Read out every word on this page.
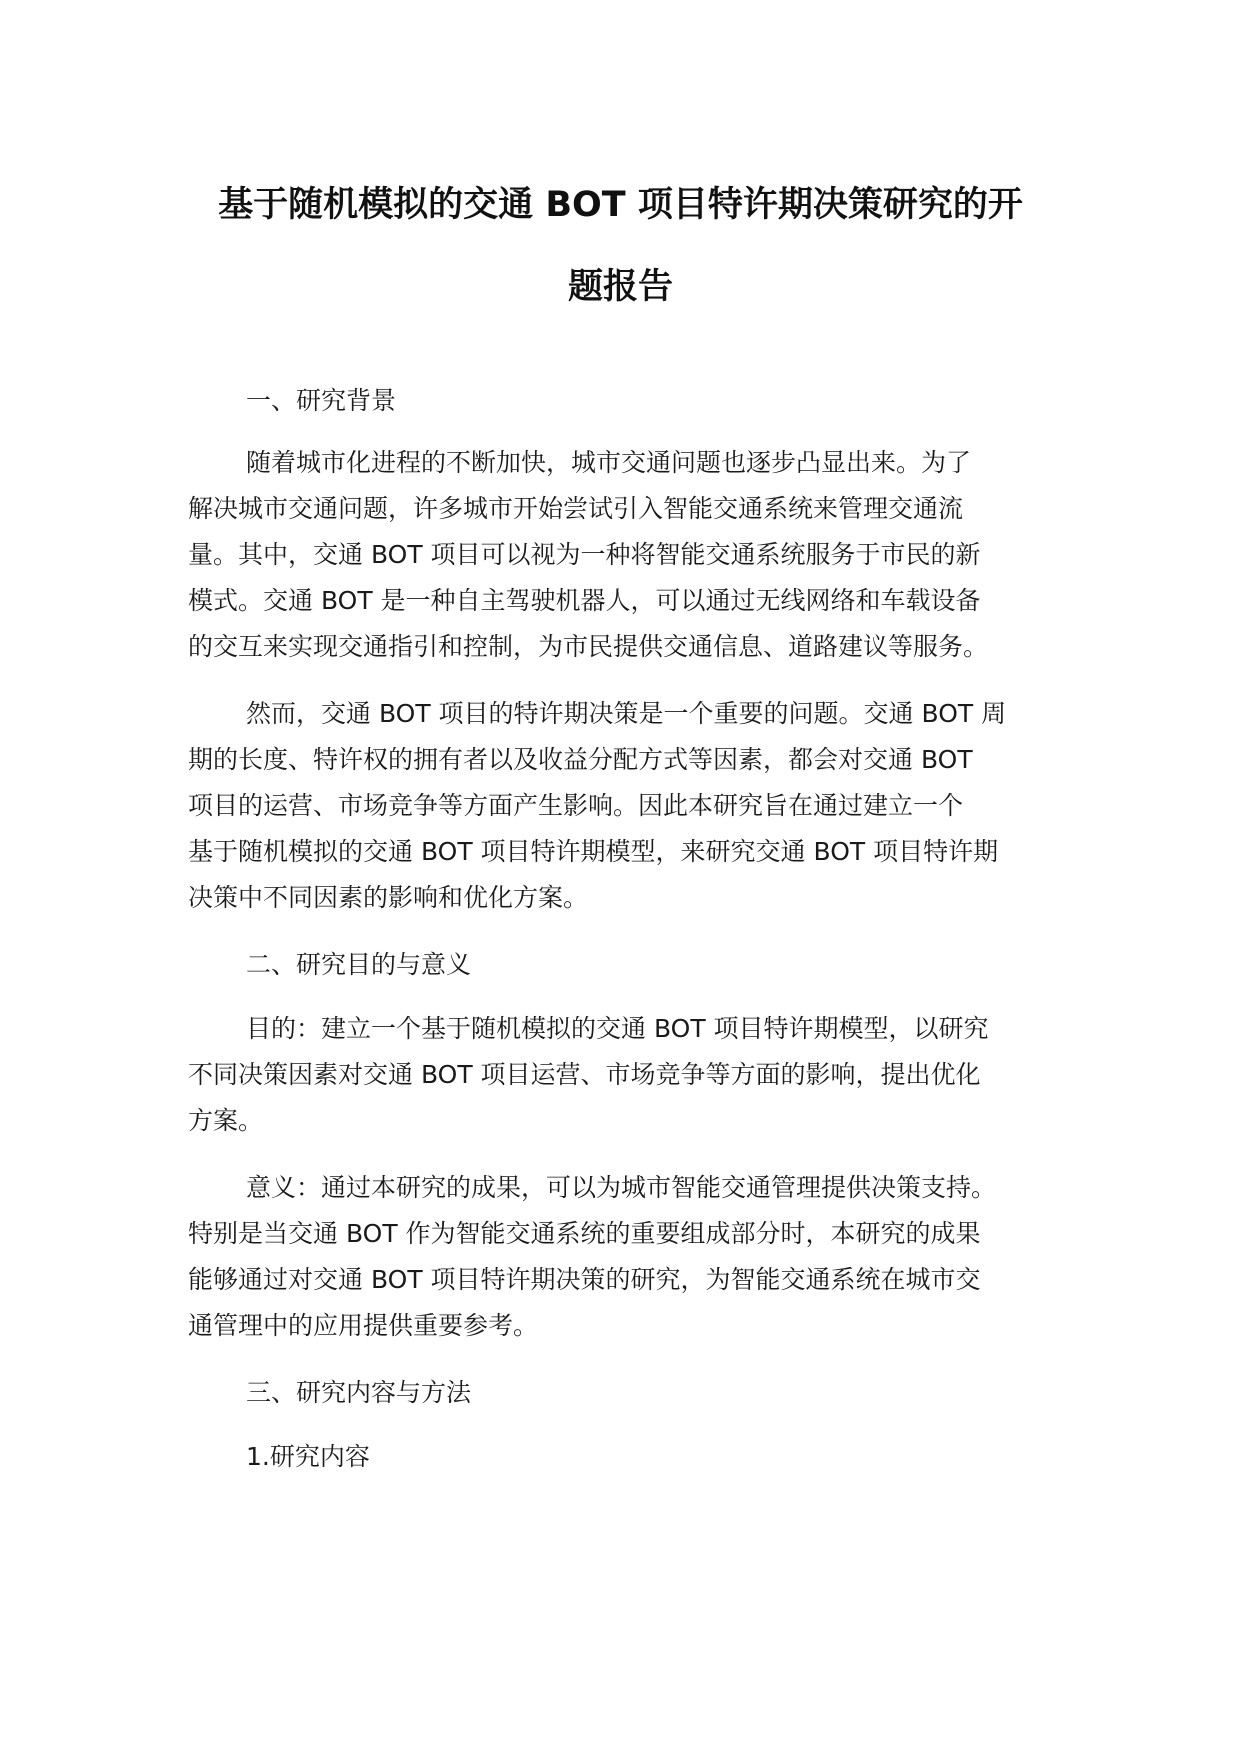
基于随机模拟的交通 BOT 项目特许期决策研究的开
题报告
一、研究背景
随着城市化进程的不断加快，城市交通问题也逐步凸显出来。为了
解决城市交通问题，许多城市开始尝试引入智能交通系统来管理交通流
量。其中，交通 BOT 项目可以视为一种将智能交通系统服务于市民的新
模式。交通 BOT 是一种自主驾驶机器人，可以通过无线网络和车载设备
的交互来实现交通指引和控制，为市民提供交通信息、道路建议等服务。
然而，交通 BOT 项目的特许期决策是一个重要的问题。交通 BOT 周
期的长度、特许权的拥有者以及收益分配方式等因素，都会对交通 BOT
项目的运营、市场竞争等方面产生影响。因此本研究旨在通过建立一个
基于随机模拟的交通 BOT 项目特许期模型，来研究交通 BOT 项目特许期
决策中不同因素的影响和优化方案。
二、研究目的与意义
目的：建立一个基于随机模拟的交通 BOT 项目特许期模型，以研究
不同决策因素对交通 BOT 项目运营、市场竞争等方面的影响，提出优化
方案。
意义：通过本研究的成果，可以为城市智能交通管理提供决策支持。
特别是当交通 BOT 作为智能交通系统的重要组成部分时，本研究的成果
能够通过对交通 BOT 项目特许期决策的研究，为智能交通系统在城市交
通管理中的应用提供重要参考。
三、研究内容与方法
1.研究内容
